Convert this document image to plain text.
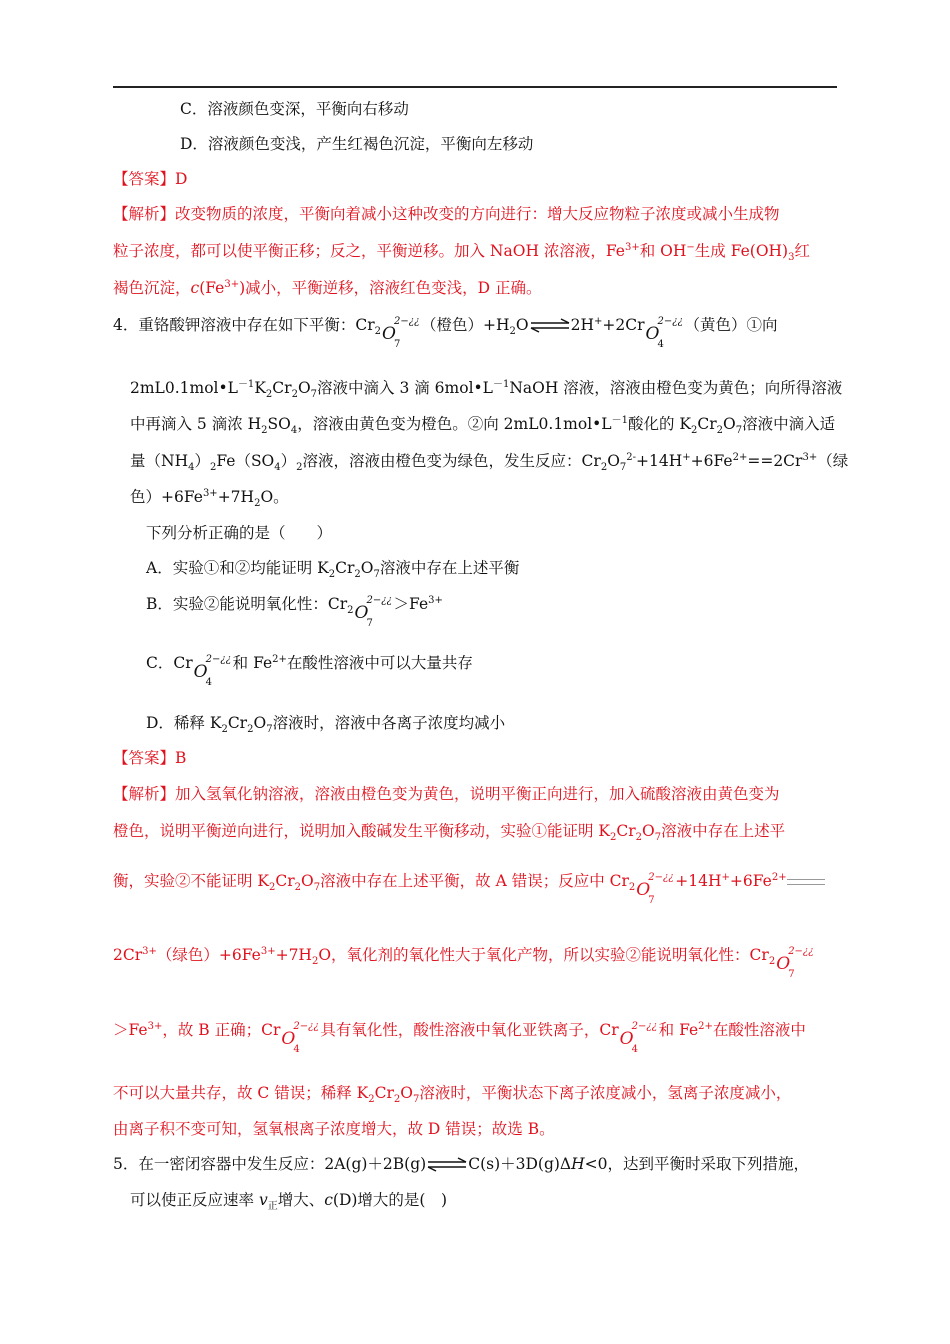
C．溶液颜色变深，平衡向右移动
D．溶液颜色变浅，产生红褐色沉淀，平衡向左移动
【答案】D
【解析】改变物质的浓度，平衡向着减小这种改变的方向进行：增大反应物粒子浓度或减小生成物
粒子浓度，都可以使平衡正移；反之，平衡逆移。加入 NaOH 浓溶液，$Fe^{3+}$和 OH−生成 $Fe(OH)_3$红
褐色沉淀，$c(Fe^{3+})$减小，平衡逆移，溶液红色变浅，D 正确。
4．重铬酸钾溶液中存在如下平衡：$Cr_2$ O
7
2−¿¿ （橙色）$+H_2O\rightleftharpoons 2H^++2Cr$ O
4
2−¿¿ （黄色）①向
$2mL0.1mol•L^{-1}K_2Cr_2O_7$溶液中滴入 3 滴 $6mol•L^{-1}NaOH$ 溶液，溶液由橙色变为黄色；向所得溶液
中再滴入 5 滴浓 $H_2SO_4$，溶液由黄色变为橙色。②向 $2mL0.1mol•L^{-1}$酸化的 $K_2Cr_2O_7$溶液中滴入适
量$(NH_4)_2Fe(SO_4)_2$溶液，溶液由橙色变为绿色，发生反应：$Cr_2O_7^{2-}+14H^++6Fe^{2+}==2Cr^{3+}$（绿
色）$+6Fe^{3+}+7H_2O$。
下列分析正确的是（　　）
A．实验①和②均能证明 $K_2Cr_2O_7$溶液中存在上述平衡
B．实验②能说明氧化性：$Cr_2$ O
7
2−¿¿ $>Fe^{3+}$
C．Cr O
4
2−¿¿ 和 $Fe^{2+}$在酸性溶液中可以大量共存
D．稀释 $K_2Cr_2O_7$溶液时，溶液中各离子浓度均减小
【答案】B
【解析】加入氢氧化钠溶液，溶液由橙色变为黄色，说明平衡正向进行，加入硫酸溶液由黄色变为
橙色，说明平衡逆向进行，说明加入酸碱发生平衡移动，实验①能证明 $K_2Cr_2O_7$溶液中存在上述平
衡，实验②不能证明 $K_2Cr_2O_7$溶液中存在上述平衡，故 A 错误；反应中 $Cr_2$ O
7
2−¿¿ $+14H^++6Fe^{2+}$
$2Cr^{3+}$（绿色）$+6Fe^{3+}+7H_2O$，氧化剂的氧化性大于氧化产物，所以实验②能说明氧化性：$Cr_2$ O
7
2−¿¿
$>Fe^{3+}$，故 B 正确；Cr O
4
2−¿¿ 具有氧化性，酸性溶液中氧化亚铁离子，Cr O
4
2−¿¿ 和 $Fe^{2+}$在酸性溶液中
不可以大量共存，故 C 错误；稀释 $K_2Cr_2O_7$溶液时，平衡状态下离子浓度减小，氢离子浓度减小，
由离子积不变可知，氢氧根离子浓度增大，故 D 错误；故选 B。
5．在一密闭容器中发生反应：2A(g)＋2B(g)⇌C(s)＋3D(g)ΔH<0，达到平衡时采取下列措施，
可以使正反应速率 $v_正$增大、c(D)增大的是(　)
